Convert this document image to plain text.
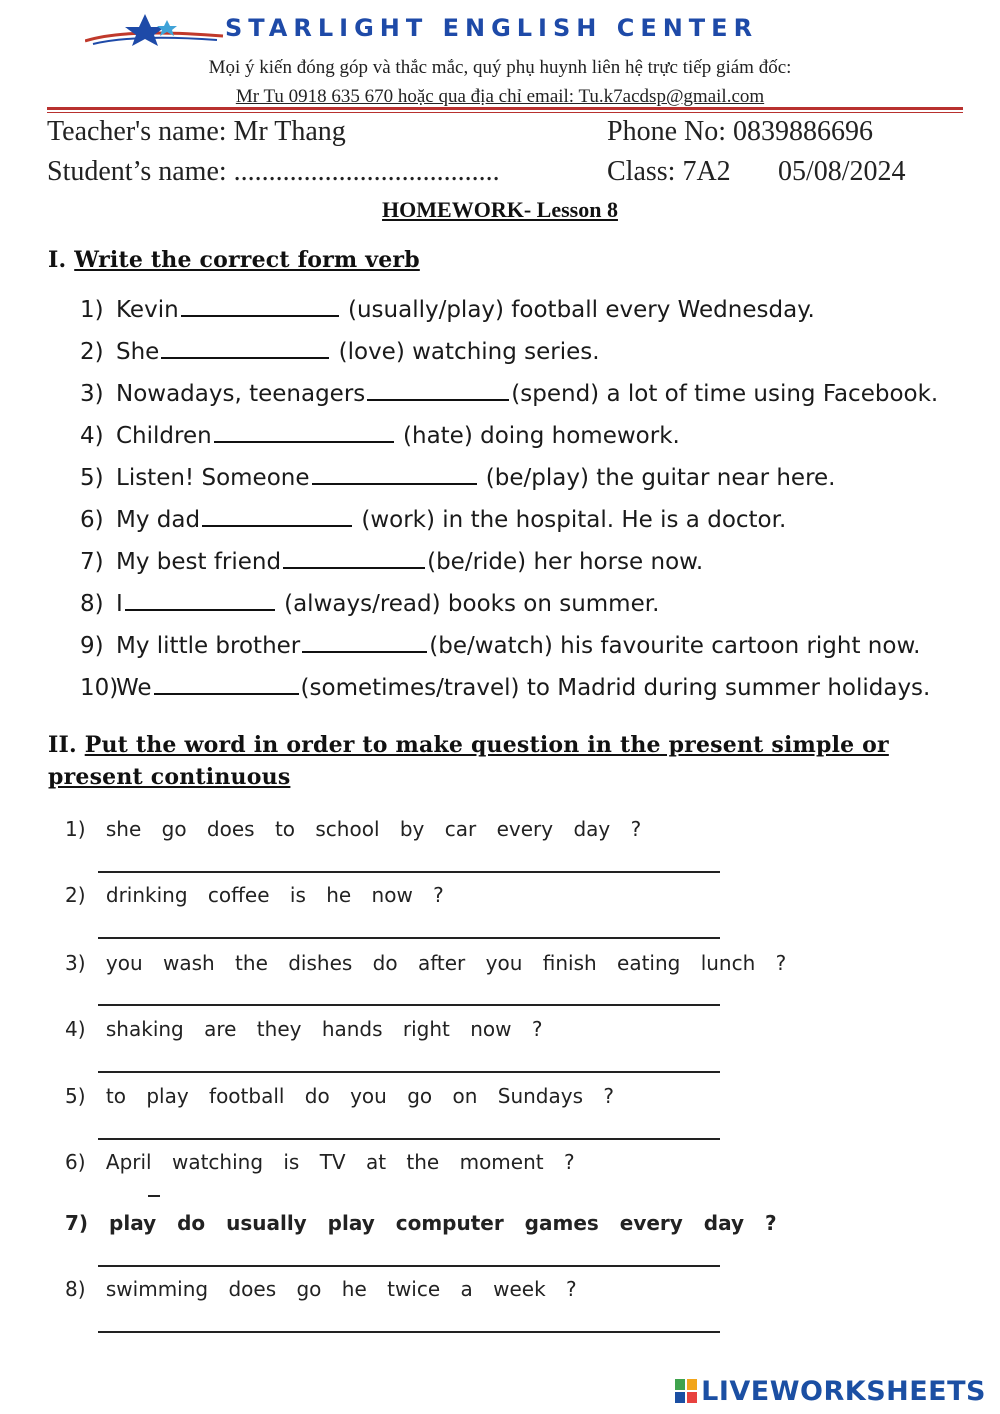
STARLIGHT ENGLISH CENTER
Mọi ý kiến đóng góp và thắc mắc, quý phụ huynh liên hệ trực tiếp giám đốc:
Mr Tu 0918 635 670 hoặc qua địa chỉ email: Tu.k7acdsp@gmail.com
Teacher's name: Mr Thang	Phone No: 0839886696
Student’s name: ......................................	Class: 7A2 05/08/2024
HOMEWORK- Lesson 8
I. Write the correct form verb
1) Kevin	(usually/play) football every Wednesday.
2) She	(love) watching series.
3) Nowadays, teenagers	(spend) a lot of time using Facebook.
4) Children	(hate) doing homework.
5) Listen! Someone	(be/play) the guitar near here.
6) My dad	(work) in the hospital. He is a doctor.
7) My best friend	(be/ride) her horse now.
8) I	(always/read) books on summer.
9) My little brother	(be/watch) his favourite cartoon right now.
10)We	(sometimes/travel) to Madrid during summer holidays.
II. Put the word in order to make question in the present simple or
present continuous
1) she go does to school by car every day ?
2) drinking coffee is he now ?
3) you wash the dishes do after you finish eating lunch ?
4) shaking are they hands right now ?
5) to play football do you go on Sundays ?
6) April watching is TV at the moment ?
7) play do usually play computer games every day ?
8) swimming does go he twice a week ?
LIVEWORKSHEETS
